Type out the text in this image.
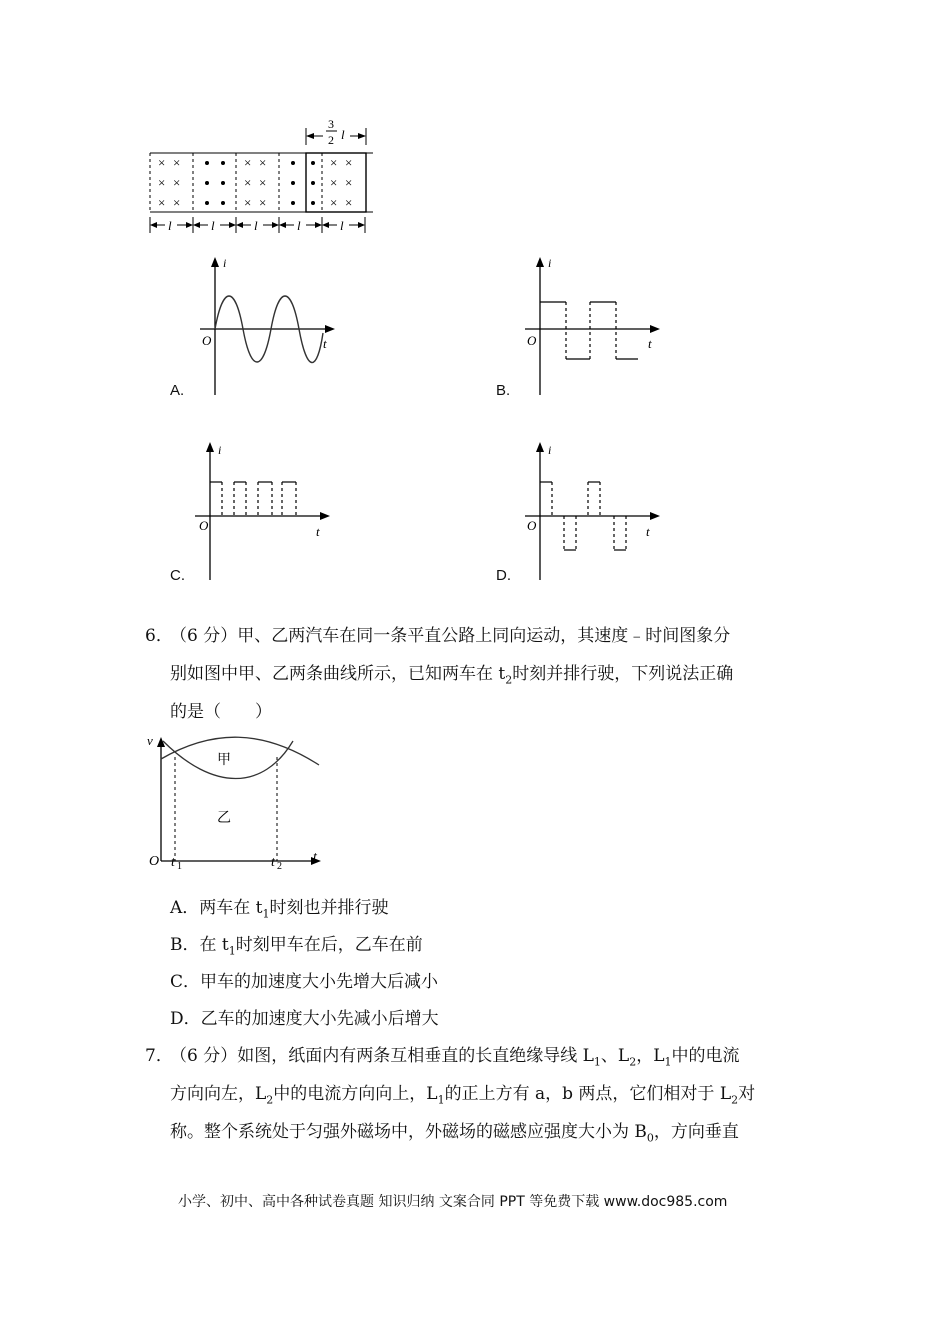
3
2 l
× ×
× ×
× ×
× ×
× ×
× ×
× ×
× ×
× ×
l	l	l	l	l
i
t
O
A.
i
t
O
B.
i
t
O
C.
i
t
O
D.
6．
（6 分）甲、乙两汽车在同一条平直公路上同向运动，其速度﹣时间图象分
别如图中甲、乙两条曲线所示，已知两车在 $t_2$时刻并排行驶，下列说法正确
的是（　　）
v
t
O
甲
乙
t 1	t 2
A．两车在 $t_1$时刻也并排行驶
B．在 $t_1$时刻甲车在后，乙车在前
C．甲车的加速度大小先增大后减小
D．乙车的加速度大小先减小后增大
7．
（6 分）如图，纸面内有两条互相垂直的长直绝缘导线 $L_1$、$L_2$，$L_1$中的电流
方向向左，$L_2$中的电流方向向上，$L_1$的正上方有 a，b 两点，它们相对于 $L_2$对
称。整个系统处于匀强外磁场中，外磁场的磁感应强度大小为 $B_0$，方向垂直
小学、初中、高中各种试卷真题 知识归纳 文案合同 PPT 等免费下载 www.doc985.com
